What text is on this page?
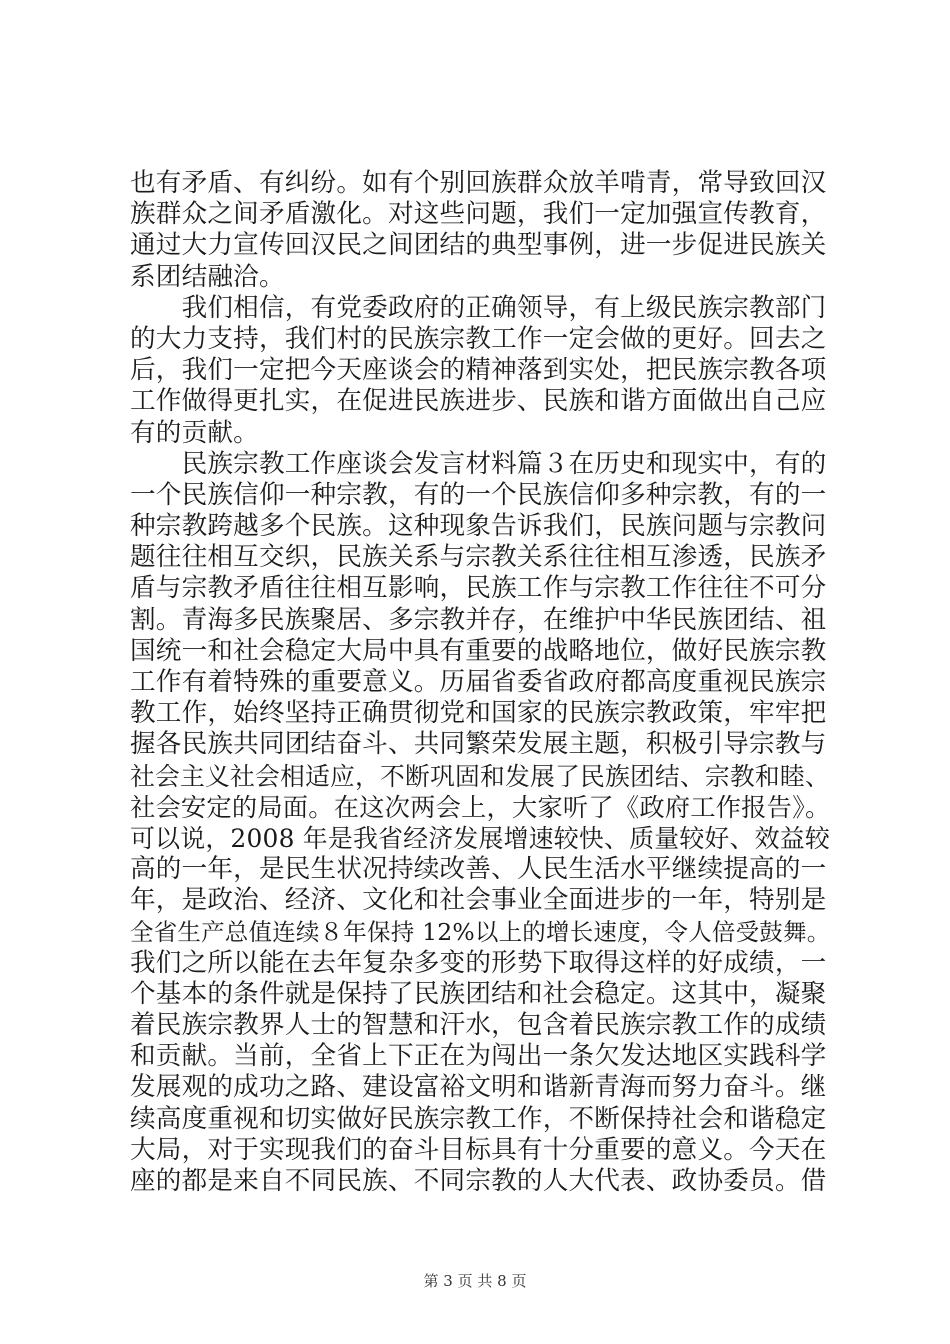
也有矛盾、有纠纷。如有个别回族群众放羊啃青，常导致回汉
族群众之间矛盾激化。对这些问题，我们一定加强宣传教育，
通过大力宣传回汉民之间团结的典型事例，进一步促进民族关
系团结融洽。
　　我们相信，有党委政府的正确领导，有上级民族宗教部门
的大力支持，我们村的民族宗教工作一定会做的更好。回去之
后，我们一定把今天座谈会的精神落到实处，把民族宗教各项
工作做得更扎实，在促进民族进步、民族和谐方面做出自己应
有的贡献。
　　民族宗教工作座谈会发言材料篇３在历史和现实中，有的
一个民族信仰一种宗教，有的一个民族信仰多种宗教，有的一
种宗教跨越多个民族。这种现象告诉我们，民族问题与宗教问
题往往相互交织，民族关系与宗教关系往往相互渗透，民族矛
盾与宗教矛盾往往相互影响，民族工作与宗教工作往往不可分
割。青海多民族聚居、多宗教并存，在维护中华民族团结、祖
国统一和社会稳定大局中具有重要的战略地位，做好民族宗教
工作有着特殊的重要意义。历届省委省政府都高度重视民族宗
教工作，始终坚持正确贯彻党和国家的民族宗教政策，牢牢把
握各民族共同团结奋斗、共同繁荣发展主题，积极引导宗教与
社会主义社会相适应，不断巩固和发展了民族团结、宗教和睦、
社会安定的局面。在这次两会上，大家听了《政府工作报告》。
可以说，2008 年是我省经济发展增速较快、质量较好、效益较
高的一年，是民生状况持续改善、人民生活水平继续提高的一
年，是政治、经济、文化和社会事业全面进步的一年，特别是
全省生产总值连续８年保持 12%以上的增长速度，令人倍受鼓舞。
我们之所以能在去年复杂多变的形势下取得这样的好成绩，一
个基本的条件就是保持了民族团结和社会稳定。这其中，凝聚
着民族宗教界人士的智慧和汗水，包含着民族宗教工作的成绩
和贡献。当前，全省上下正在为闯出一条欠发达地区实践科学
发展观的成功之路、建设富裕文明和谐新青海而努力奋斗。继
续高度重视和切实做好民族宗教工作，不断保持社会和谐稳定
大局，对于实现我们的奋斗目标具有十分重要的意义。今天在
座的都是来自不同民族、不同宗教的人大代表、政协委员。借
第 3 页 共 8 页
